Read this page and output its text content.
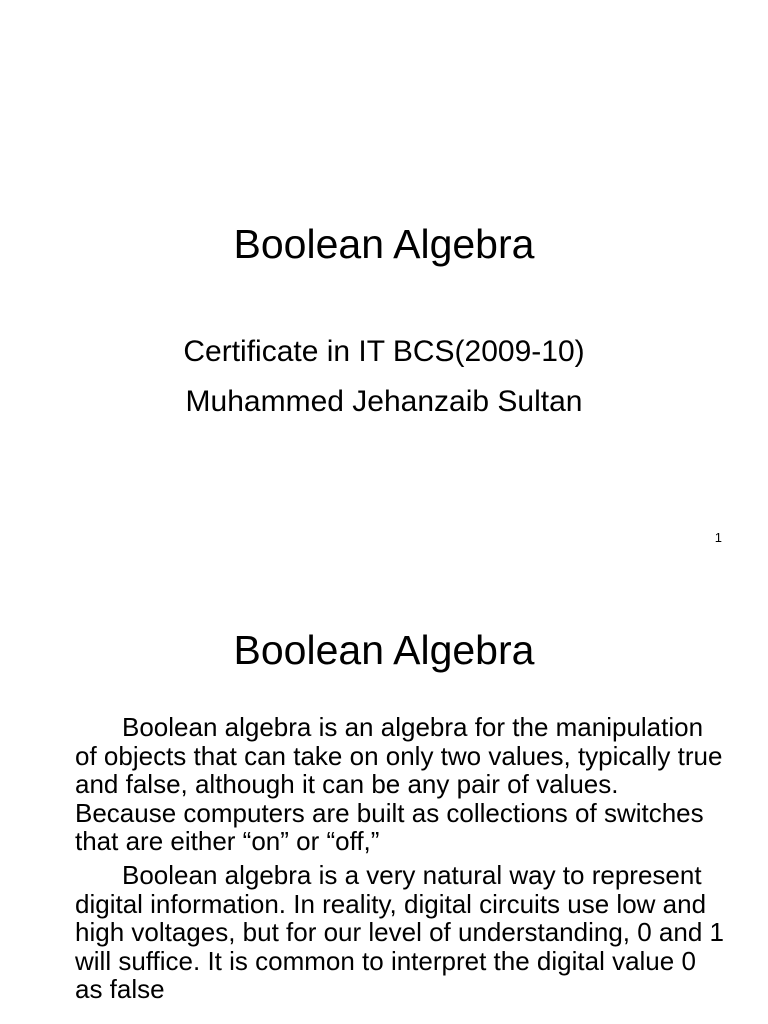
Boolean Algebra
Certificate in IT BCS(2009-10)
Muhammed Jehanzaib Sultan
1
Boolean Algebra

Boolean algebra is an algebra for the manipulation of objects that can take on only two values, typically true and false, although it can be any pair of values. Because computers are built as collections of switches that are either “on” or “off,”

Boolean algebra is a very natural way to represent digital information. In reality, digital circuits use low and high voltages, but for our level of understanding, 0 and 1 will suffice. It is common to interpret the digital value 0 as false
